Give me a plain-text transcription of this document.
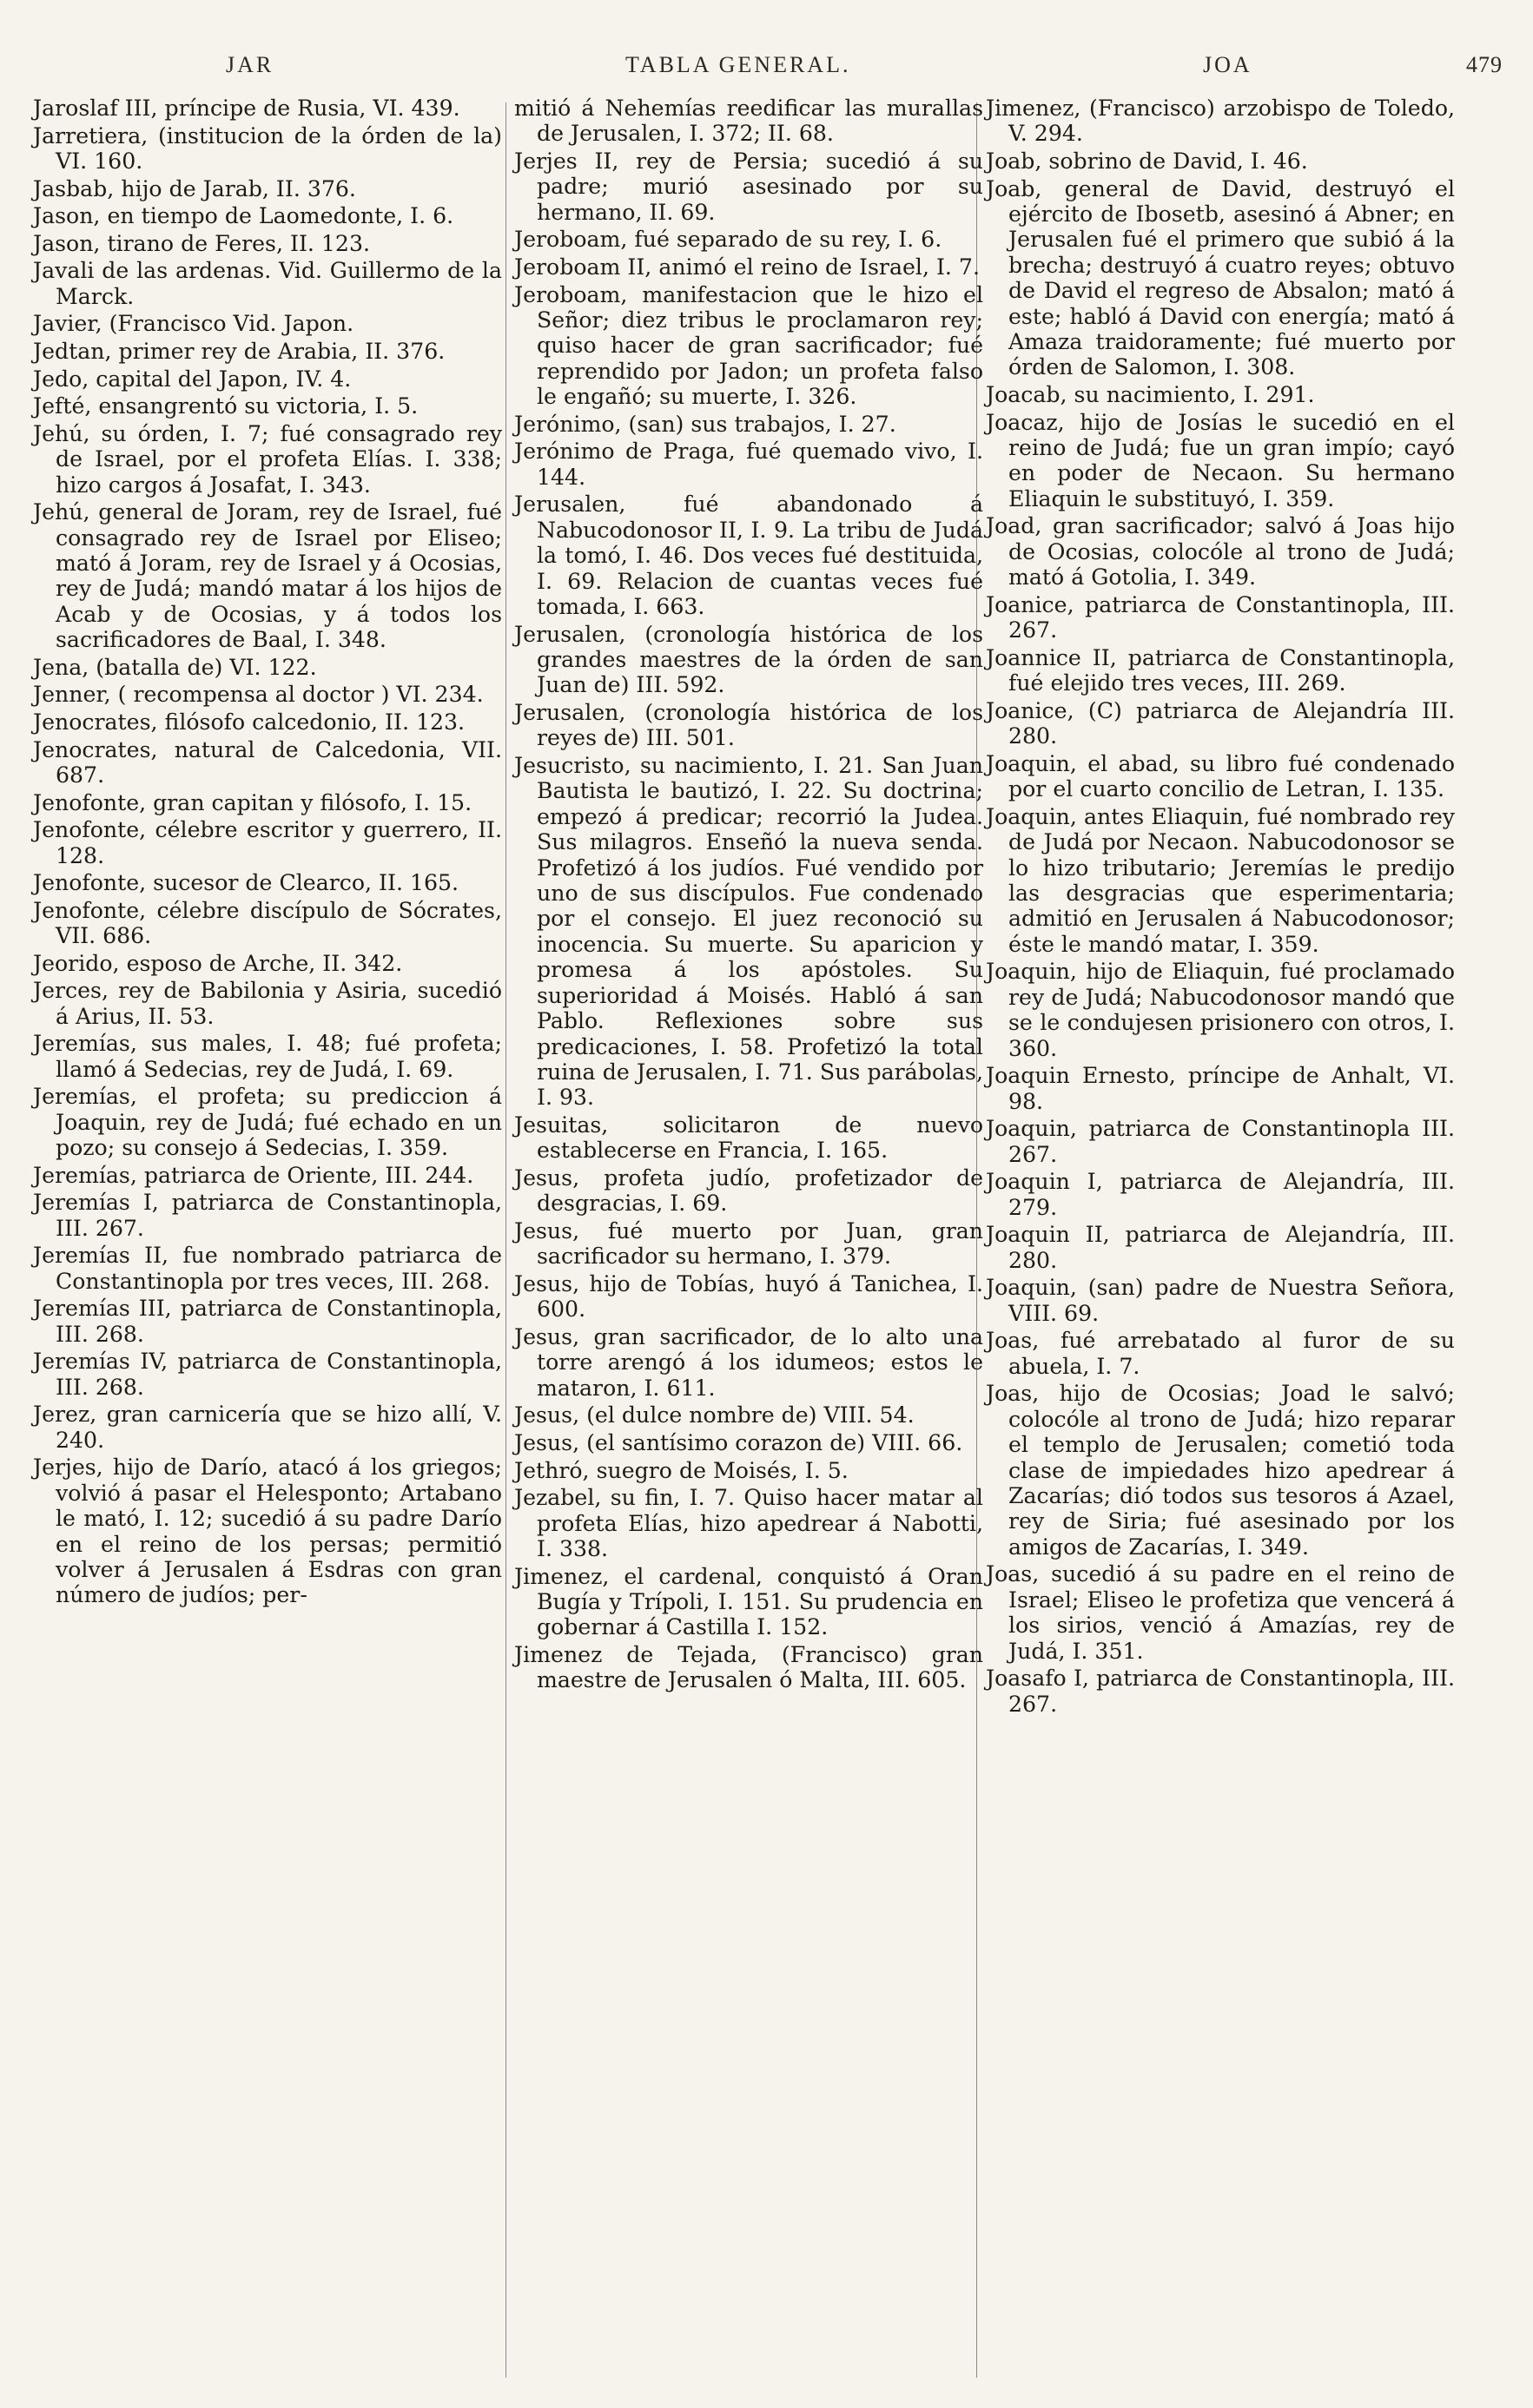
JAR	TABLA GENERAL.	JOA	479

Jaroslaf III, príncipe de Rusia, VI. 439.

Jarretiera, (institucion de la órden de la) VI. 160.

Jasbab, hijo de Jarab, II. 376.

Jason, en tiempo de Laomedonte, I. 6.

Jason, tirano de Feres, II. 123.

Javali de las ardenas. Vid. Guillermo de la Marck.

Javier, (Francisco Vid. Japon.

Jedtan, primer rey de Arabia, II. 376.

Jedo, capital del Japon, IV. 4.

Jefté, ensangrentó su victoria, I. 5.

Jehú, su órden, I. 7; fué consagrado rey de Israel, por el profeta Elías. I. 338; hizo cargos á Josafat, I. 343.

Jehú, general de Joram, rey de Israel, fué consagrado rey de Israel por Eliseo; mató á Joram, rey de Israel y á Ocosias, rey de Judá; mandó matar á los hijos de Acab y de Ocosias, y á todos los sacrificadores de Baal, I. 348.

Jena, (batalla de) VI. 122.

Jenner, ( recompensa al doctor ) VI. 234.

Jenocrates, filósofo calcedonio, II. 123.

Jenocrates, natural de Calcedonia, VII. 687.

Jenofonte, gran capitan y filósofo, I. 15.

Jenofonte, célebre escritor y guerrero, II. 128.

Jenofonte, sucesor de Clearco, II. 165.

Jenofonte, célebre discípulo de Sócrates, VII. 686.

Jeorido, esposo de Arche, II. 342.

Jerces, rey de Babilonia y Asiria, sucedió á Arius, II. 53.

Jeremías, sus males, I. 48; fué profeta; llamó á Sedecias, rey de Judá, I. 69.

Jeremías, el profeta; su prediccion á Joaquin, rey de Judá; fué echado en un pozo; su consejo á Sedecias, I. 359.

Jeremías, patriarca de Oriente, III. 244.

Jeremías I, patriarca de Constantinopla, III. 267.

Jeremías II, fue nombrado patriarca de Constantinopla por tres veces, III. 268.

Jeremías III, patriarca de Constantinopla, III. 268.

Jeremías IV, patriarca de Constantinopla, III. 268.

Jerez, gran carnicería que se hizo allí, V. 240.

Jerjes, hijo de Darío, atacó á los griegos; volvió á pasar el Helesponto; Artabano le mató, I. 12; sucedió á su padre Darío en el reino de los persas; permitió volver á Jerusalen á Esdras con gran número de judíos; per-

mitió á Nehemías reedificar las murallas de Jerusalen, I. 372; II. 68.

Jerjes II, rey de Persia; sucedió á su padre; murió asesinado por su hermano, II. 69.

Jeroboam, fué separado de su rey, I. 6.

Jeroboam II, animó el reino de Israel, I. 7.

Jeroboam, manifestacion que le hizo el Señor; diez tribus le proclamaron rey; quiso hacer de gran sacrificador; fué reprendido por Jadon; un profeta falso le engañó; su muerte, I. 326.

Jerónimo, (san) sus trabajos, I. 27.

Jerónimo de Praga, fué quemado vivo, I. 144.

Jerusalen, fué abandonado á Nabucodonosor II, I. 9. La tribu de Judá la tomó, I. 46. Dos veces fué destituida, I. 69. Relacion de cuantas veces fué tomada, I. 663.

Jerusalen, (cronología histórica de los grandes maestres de la órden de san Juan de) III. 592.

Jerusalen, (cronología histórica de los reyes de) III. 501.

Jesucristo, su nacimiento, I. 21. San Juan Bautista le bautizó, I. 22. Su doctrina; empezó á predicar; recorrió la Judea. Sus milagros. Enseñó la nueva senda. Profetizó á los judíos. Fué vendido por uno de sus discípulos. Fue condenado por el consejo. El juez reconoció su inocencia. Su muerte. Su aparicion y promesa á los apóstoles. Su superioridad á Moisés. Habló á san Pablo. Reflexiones sobre sus predicaciones, I. 58. Profetizó la total ruina de Jerusalen, I. 71. Sus parábolas, I. 93.

Jesuitas, solicitaron de nuevo establecerse en Francia, I. 165.

Jesus, profeta judío, profetizador de desgracias, I. 69.

Jesus, fué muerto por Juan, gran sacrificador su hermano, I. 379.

Jesus, hijo de Tobías, huyó á Tanichea, I. 600.

Jesus, gran sacrificador, de lo alto una torre arengó á los idumeos; estos le mataron, I. 611.

Jesus, (el dulce nombre de) VIII. 54.

Jesus, (el santísimo corazon de) VIII. 66.

Jethró, suegro de Moisés, I. 5.

Jezabel, su fin, I. 7. Quiso hacer matar al profeta Elías, hizo apedrear á Nabotti, I. 338.

Jimenez, el cardenal, conquistó á Oran Bugía y Trípoli, I. 151. Su prudencia en gobernar á Castilla I. 152.

Jimenez de Tejada, (Francisco) gran maestre de Jerusalen ó Malta, III. 605.

Jimenez, (Francisco) arzobispo de Toledo, V. 294.

Joab, sobrino de David, I. 46.

Joab, general de David, destruyó el ejército de Ibosetb, asesinó á Abner; en Jerusalen fué el primero que subió á la brecha; destruyó á cuatro reyes; obtuvo de David el regreso de Absalon; mató á este; habló á David con energía; mató á Amaza traidoramente; fué muerto por órden de Salomon, I. 308.

Joacab, su nacimiento, I. 291.

Joacaz, hijo de Josías le sucedió en el reino de Judá; fue un gran impío; cayó en poder de Necaon. Su hermano Eliaquin le substituyó, I. 359.

Joad, gran sacrificador; salvó á Joas hijo de Ocosias, colocóle al trono de Judá; mató á Gotolia, I. 349.

Joanice, patriarca de Constantinopla, III. 267.

Joannice II, patriarca de Constantinopla, fué elejido tres veces, III. 269.

Joanice, (C) patriarca de Alejandría III. 280.

Joaquin, el abad, su libro fué condenado por el cuarto concilio de Letran, I. 135.

Joaquin, antes Eliaquin, fué nombrado rey de Judá por Necaon. Nabucodonosor se lo hizo tributario; Jeremías le predijo las desgracias que esperimentaria; admitió en Jerusalen á Nabucodonosor; éste le mandó matar, I. 359.

Joaquin, hijo de Eliaquin, fué proclamado rey de Judá; Nabucodonosor mandó que se le condujesen prisionero con otros, I. 360.

Joaquin Ernesto, príncipe de Anhalt, VI. 98.

Joaquin, patriarca de Constantinopla III. 267.

Joaquin I, patriarca de Alejandría, III. 279.

Joaquin II, patriarca de Alejandría, III. 280.

Joaquin, (san) padre de Nuestra Señora, VIII. 69.

Joas, fué arrebatado al furor de su abuela, I. 7.

Joas, hijo de Ocosias; Joad le salvó; colocóle al trono de Judá; hizo reparar el templo de Jerusalen; cometió toda clase de impiedades hizo apedrear á Zacarías; dió todos sus tesoros á Azael, rey de Siria; fué asesinado por los amigos de Zacarías, I. 349.

Joas, sucedió á su padre en el reino de Israel; Eliseo le profetiza que vencerá á los sirios, venció á Amazías, rey de Judá, I. 351.

Joasafo I, patriarca de Constantinopla, III. 267.
